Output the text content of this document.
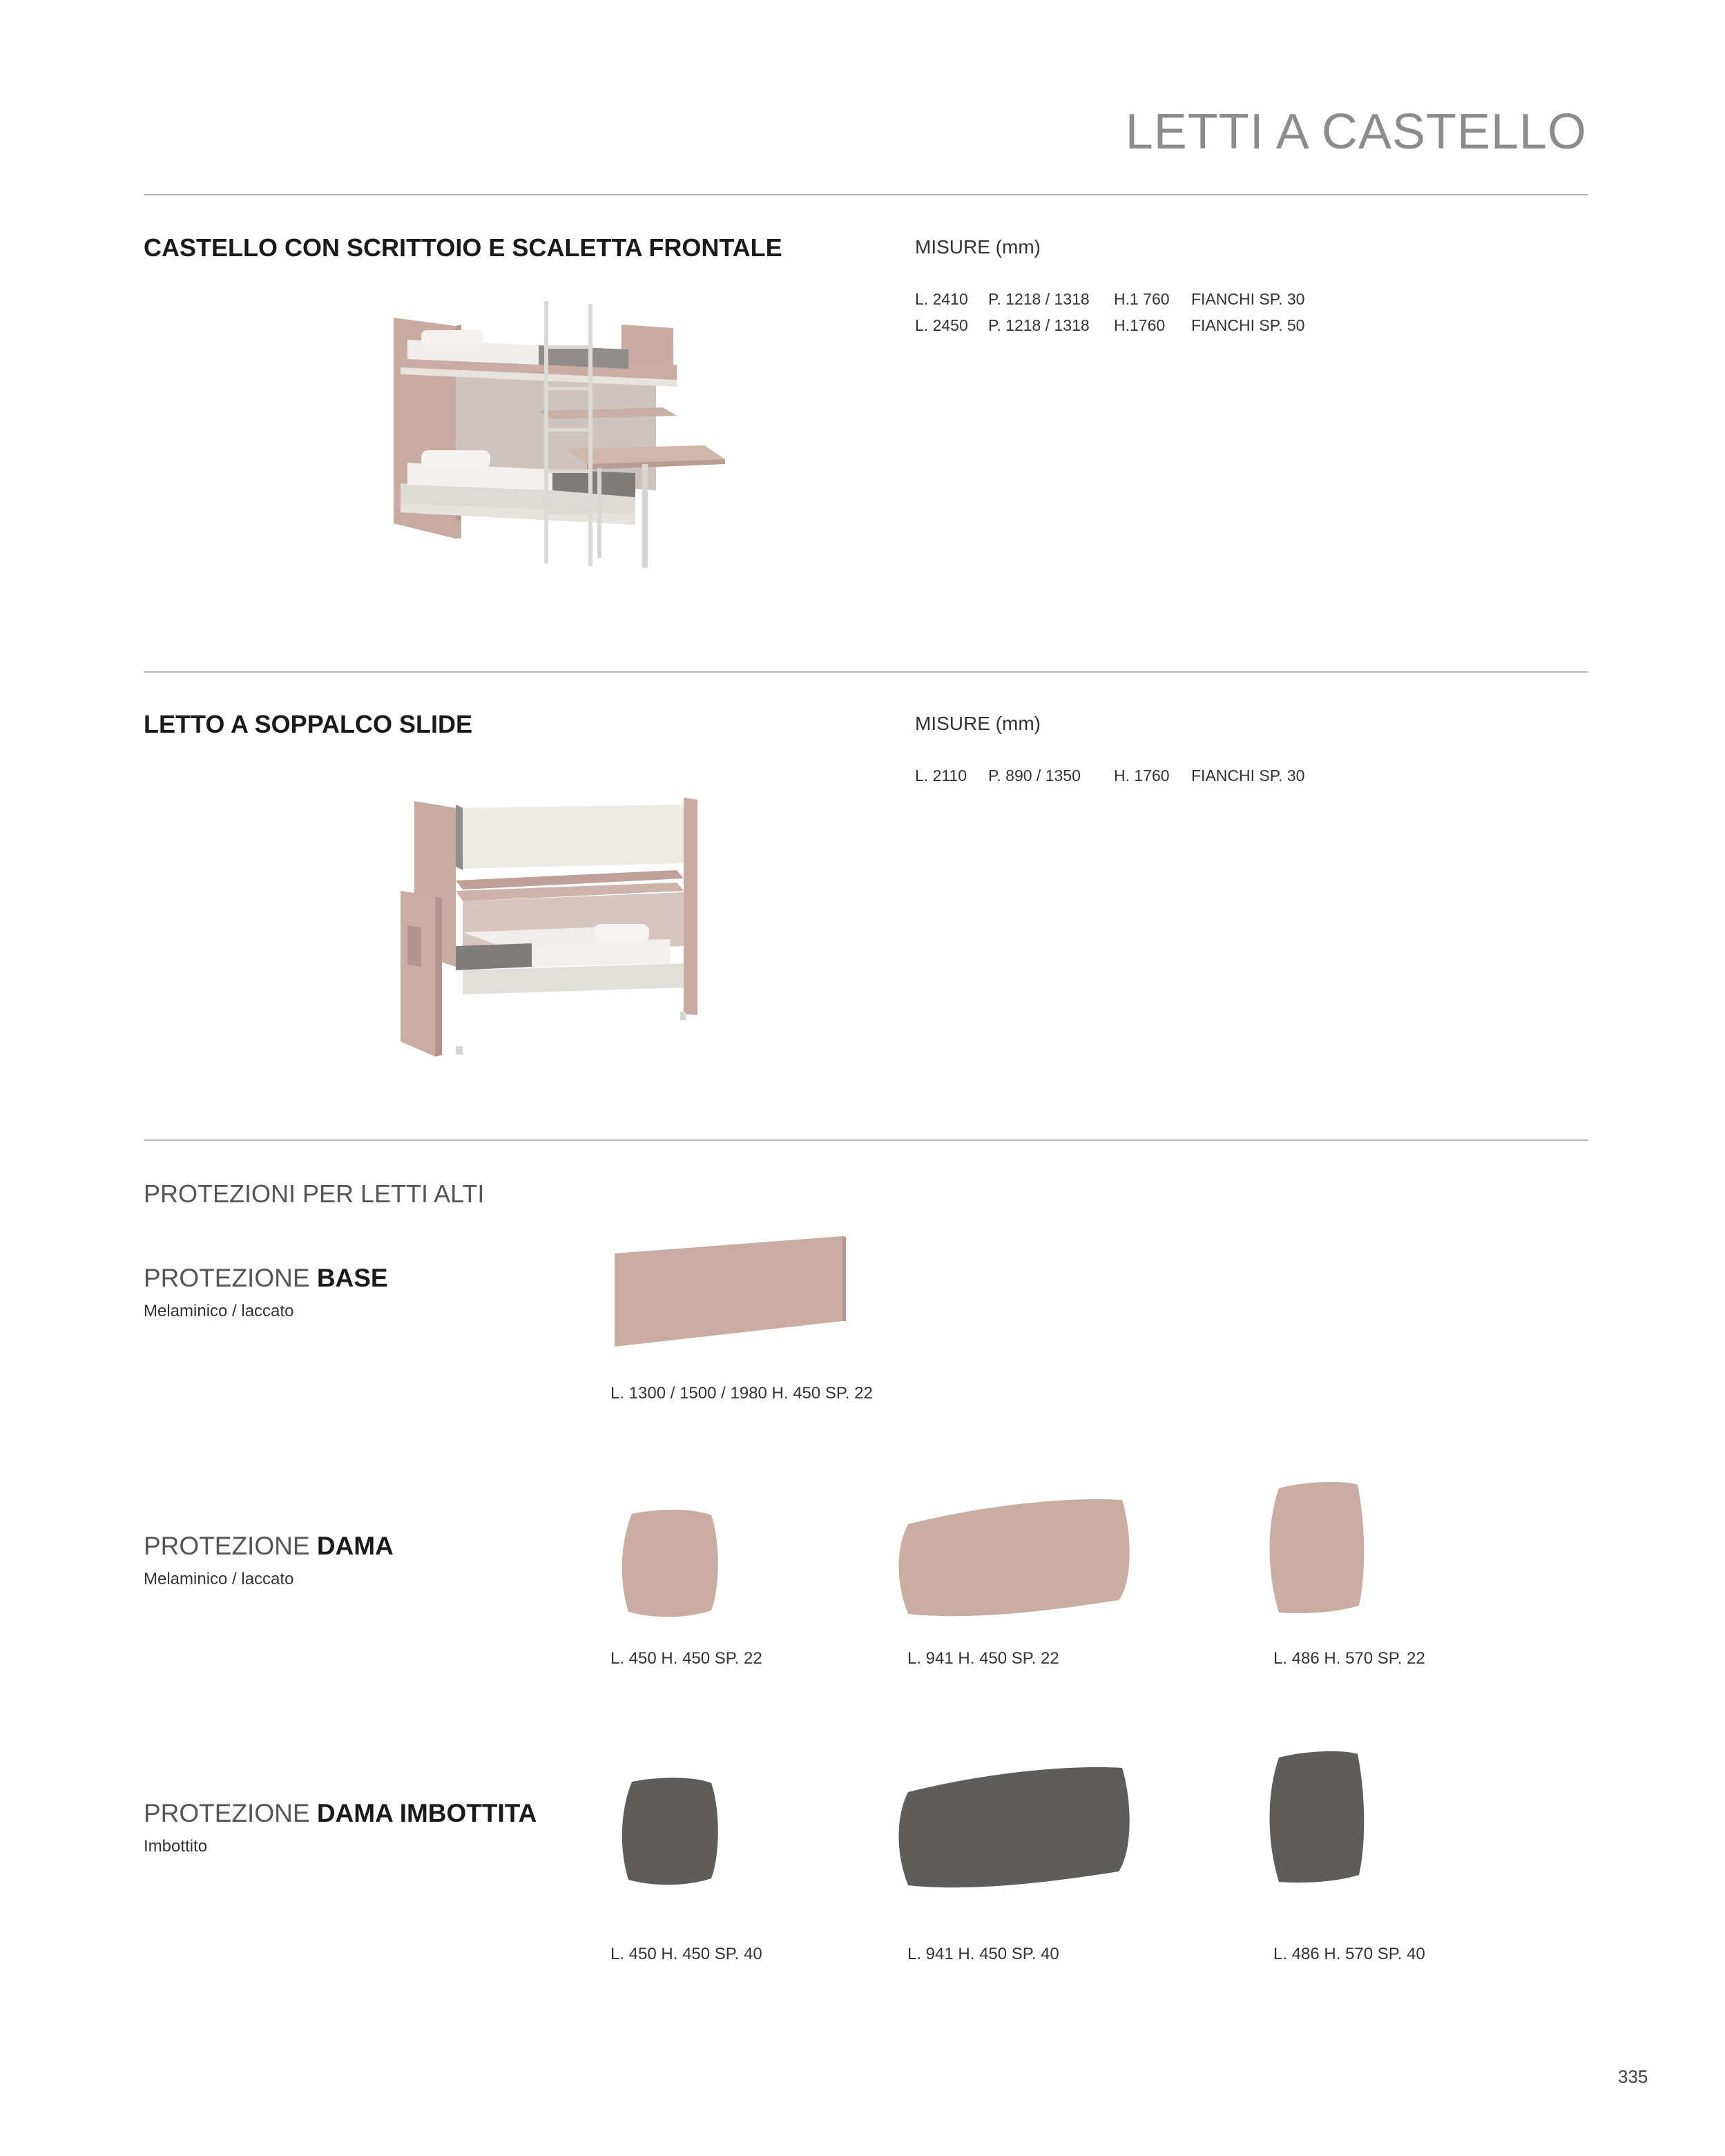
LETTI A CASTELLO
CASTELLO CON SCRITTOIO E SCALETTA FRONTALE	MISURE (mm)
L. 2410 P. 1218 / 1318 H.1 760 FIANCHI SP. 30
L. 2450 P. 1218 / 1318 H.1760 FIANCHI SP. 50
LETTO A SOPPALCO SLIDE	MISURE (mm)
L. 2110 P. 890 / 1350 H. 1760 FIANCHI SP. 30
PROTEZIONI PER LETTI ALTI
PROTEZIONE BASE
Melaminico / laccato
L. 1300 / 1500 / 1980 H. 450 SP. 22
PROTEZIONE DAMA
Melaminico / laccato
L. 450 H. 450 SP. 22	L. 941 H. 450 SP. 22	L. 486 H. 570 SP. 22
PROTEZIONE DAMA IMBOTTITA
Imbottito
L. 450 H. 450 SP. 40	L. 941 H. 450 SP. 40	L. 486 H. 570 SP. 40
335
